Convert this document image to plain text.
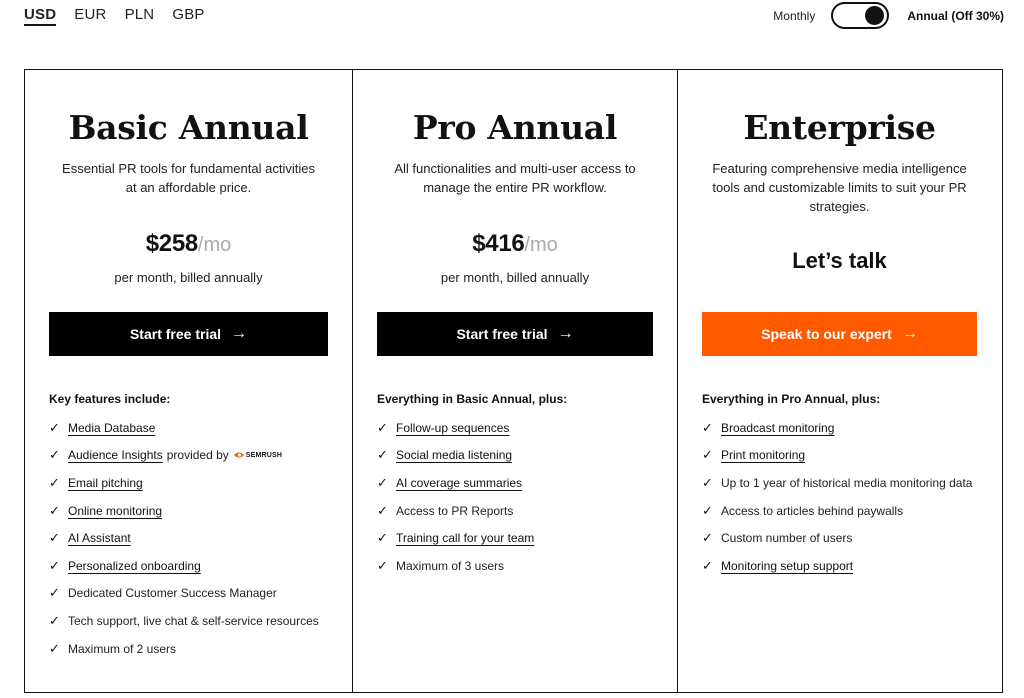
USD EUR PLN GBP	Monthly	Annual (Off 30%)
Basic Annual

Essential PR tools for fundamental activities at an affordable price.

$258/mo
per month, billed annually
Start free trial →
Key features include:
✓ Media Database
✓ Audience Insights provided by SEMRUSH
✓ Email pitching
✓ Online monitoring
✓ AI Assistant
✓ Personalized onboarding
✓ Dedicated Customer Success Manager
✓ Tech support, live chat & self-service resources
✓ Maximum of 2 users
Pro Annual

All functionalities and multi-user access to manage the entire PR workflow.

$416/mo
per month, billed annually
Start free trial →
Everything in Basic Annual, plus:
✓ Follow-up sequences
✓ Social media listening
✓ AI coverage summaries
✓ Access to PR Reports
✓ Training call for your team
✓ Maximum of 3 users
Enterprise

Featuring comprehensive media intelligence tools and customizable limits to suit your PR strategies.

Let’s talk
Speak to our expert →
Everything in Pro Annual, plus:
✓ Broadcast monitoring
✓ Print monitoring
✓ Up to 1 year of historical media monitoring data
✓ Access to articles behind paywalls
✓ Custom number of users
✓ Monitoring setup support
